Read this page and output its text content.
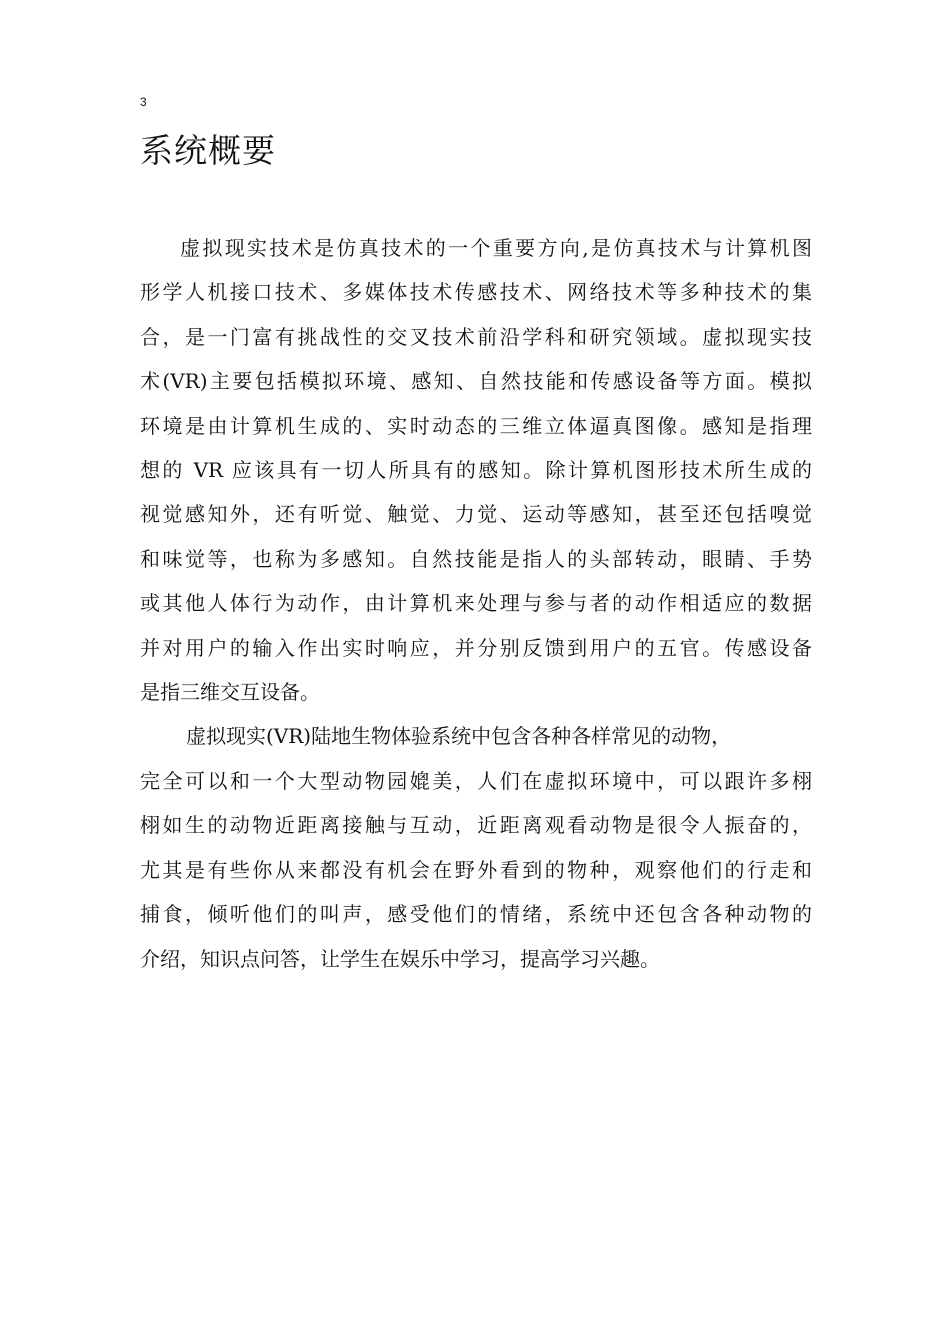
3
系统概要
虚拟现实技术是仿真技术的一个重要方向,是仿真技术与计算机图
形学人机接口技术、多媒体技术传感技术、网络技术等多种技术的集
合，是一门富有挑战性的交叉技术前沿学科和研究领域。虚拟现实技
术(VR)主要包括模拟环境、感知、自然技能和传感设备等方面。模拟
环境是由计算机生成的、实时动态的三维立体逼真图像。感知是指理
想的 VR 应该具有一切人所具有的感知。除计算机图形技术所生成的
视觉感知外，还有听觉、触觉、力觉、运动等感知，甚至还包括嗅觉
和味觉等，也称为多感知。自然技能是指人的头部转动，眼睛、手势
或其他人体行为动作，由计算机来处理与参与者的动作相适应的数据
并对用户的输入作出实时响应，并分别反馈到用户的五官。传感设备
是指三维交互设备。
虚拟现实(VR)陆地生物体验系统中包含各种各样常见的动物，
完全可以和一个大型动物园媲美，人们在虚拟环境中，可以跟许多栩
栩如生的动物近距离接触与互动，近距离观看动物是很令人振奋的，
尤其是有些你从来都没有机会在野外看到的物种，观察他们的行走和
捕食，倾听他们的叫声，感受他们的情绪，系统中还包含各种动物的
介绍，知识点问答，让学生在娱乐中学习，提高学习兴趣。
